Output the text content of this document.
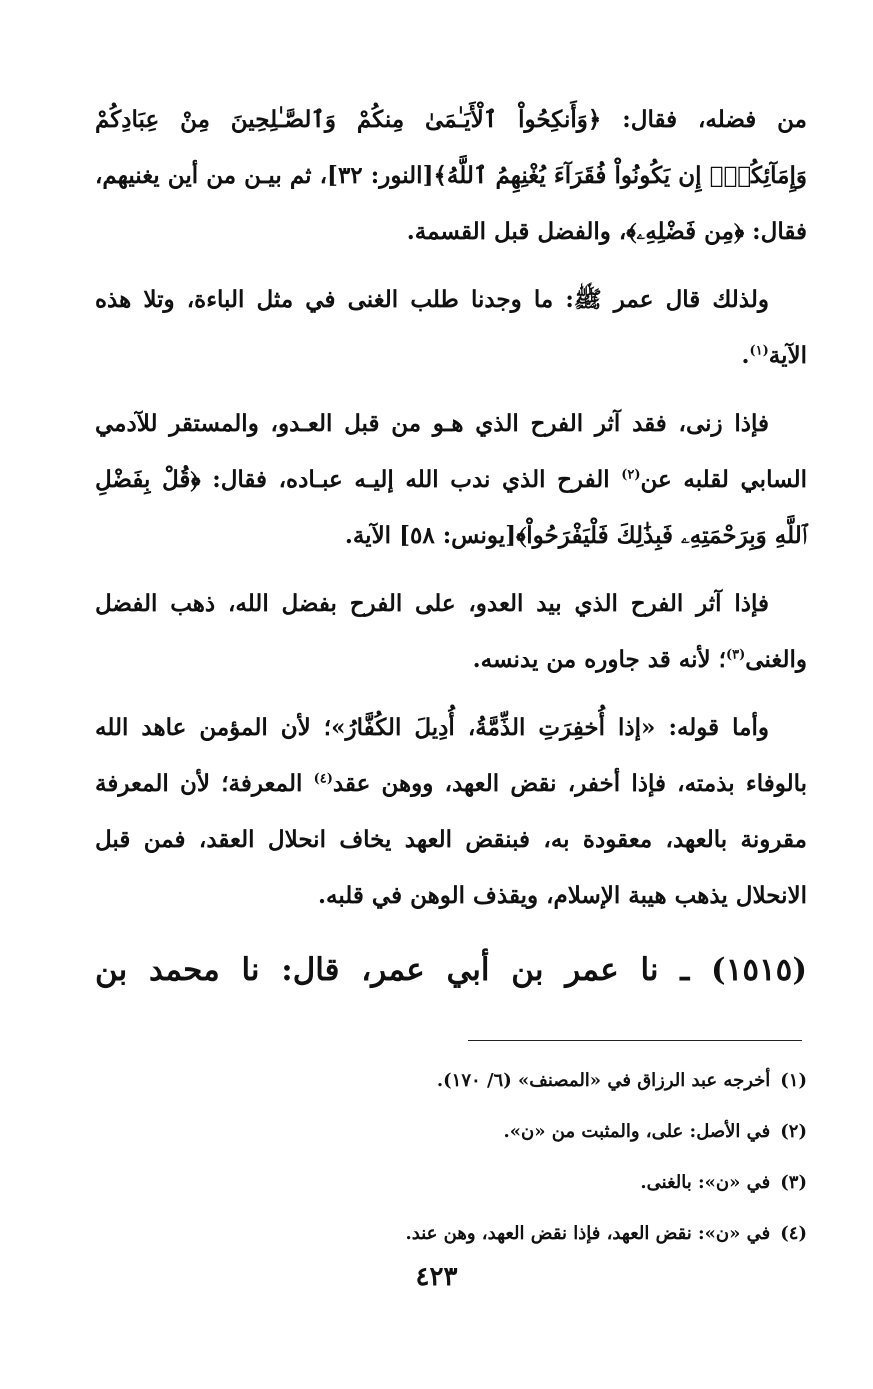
من فضله، فقال: ﴿وَأَنكِحُواْ ٱلْأَيَـٰمَىٰ مِنكُمْ وَٱلصَّـٰلِحِينَ مِنْ عِبَادِكُمْ وَإِمَآئِكُمْۚ إِن يَكُونُواْ فُقَرَآءَ يُغْنِهِمُ ٱللَّهُ﴾[النور: ٣٢]، ثم بيـن من أين يغنيهم، فقال: ﴿مِن فَضْلِهِۦ﴾، والفضل قبل القسمة.

ولذلك قال عمر ﷺ: ما وجدنا طلب الغنى في مثل الباءة، وتلا هذه الآية$^{(١)}$.

فإذا زنى، فقد آثر الفرح الذي هـو من قبل العـدو، والمستقر للآدمي السابي لقلبه عن$^{(٢)}$ الفرح الذي ندب الله إليـه عبـاده، فقال: ﴿قُلْ بِفَضْلِ ٱللَّهِ وَبِرَحْمَتِهِۦ فَبِذَٰلِكَ فَلْيَفْرَحُواْ﴾[يونس: ٥٨] الآية.

فإذا آثر الفرح الذي بيد العدو، على الفرح بفضل الله، ذهب الفضل والغنى$^{(٣)}$؛ لأنه قد جاوره من يدنسه.

وأما قوله: «إذا أُخفِرَتِ الذِّمَّةُ، أُدِيلَ الكُفَّارُ»؛ لأن المؤمن عاهد الله بالوفاء بذمته، فإذا أخفر، نقض العهد، ووهن عقد$^{(٤)}$ المعرفة؛ لأن المعرفة مقرونة بالعهد، معقودة به، فبنقض العهد يخاف انحلال العقد، فمن قبل الانحلال يذهب هيبة الإسلام، ويقذف الوهن في قلبه.

(١٥١٥) ـ نا عمر بن أبي عمر، قال: نا محمد بن

(١)أخرجه عبد الرزاق في «المصنف» (٦/ ١٧٠).

(٢)في الأصل: على، والمثبت من «ن».

(٣)في «ن»: بالغنى.

(٤)في «ن»: نقض العهد، فإذا نقض العهد، وهن عند.

٤٢٣
